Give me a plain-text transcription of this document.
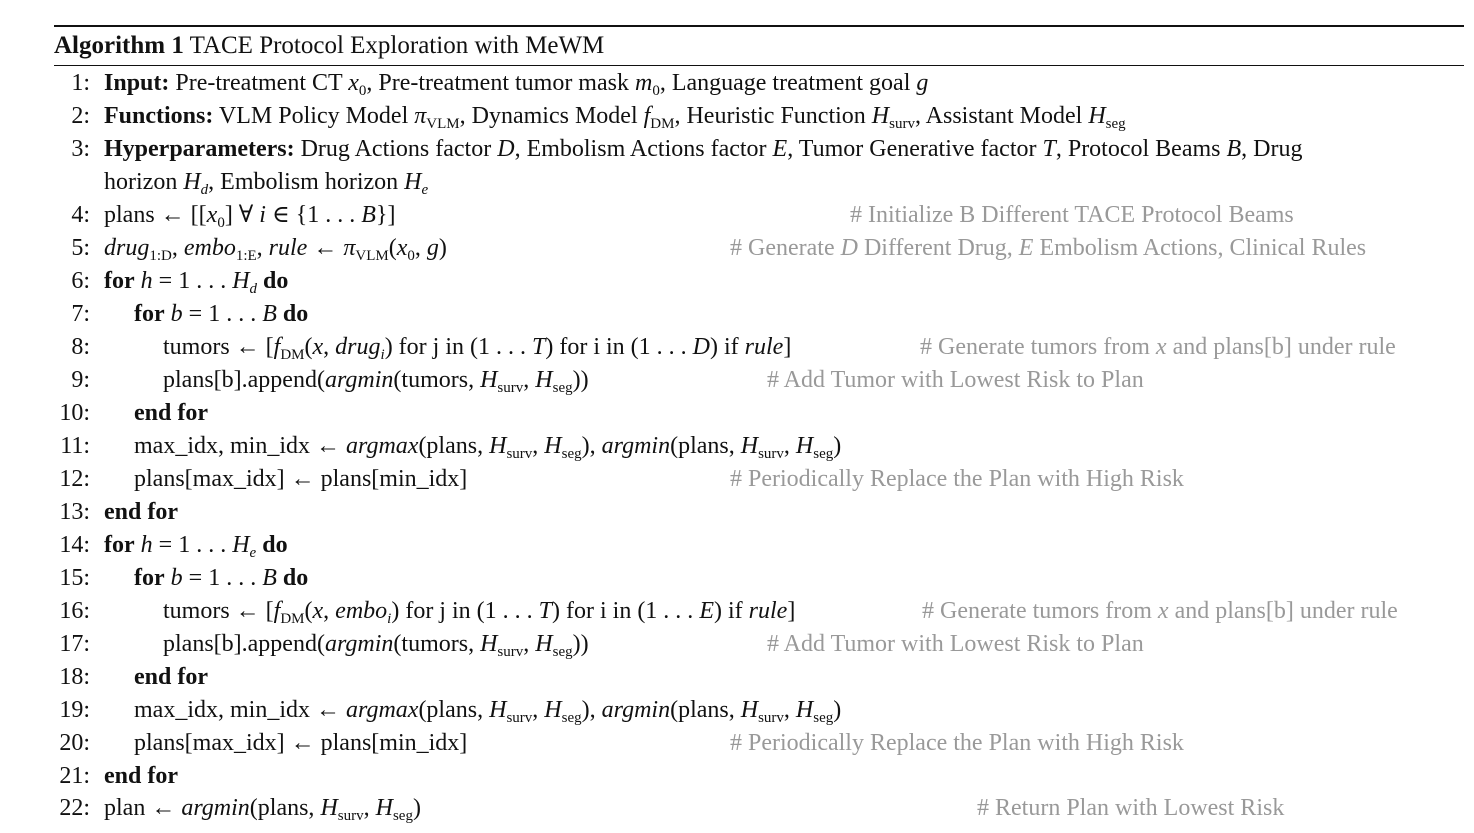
Algorithm 1 TACE Protocol Exploration with MeWM
1: Input: Pre-treatment CT $x_0$, Pre-treatment tumor mask $m_0$, Language treatment goal g
2: Functions: VLM Policy Model $\pi_{VLM}$, Dynamics Model $f_{DM}$, Heuristic Function $H_{surv}$, Assistant Model $H_{seg}$
3: Hyperparameters: Drug Actions factor D, Embolism Actions factor E, Tumor Generative factor T, Protocol Beams B, Drug
horizon $H_d$, Embolism horizon $H_e$
4: plans ← [$[x_0]$ ∀ i ∈ {1 . . . B}]	# Initialize B Different TACE Protocol Beams
5: drug$_{1:D}$, embo$_{1:E}$, rule ← $\pi_{VLM}(x_0$, g)	# Generate D Different Drug, E Embolism Actions, Clinical Rules
6: for h = 1 . . . $H_d$ do
7: for b = 1 . . . B do
8:	tumors ← [$f_{DM}(x$, drug$_i$) for j in (1 . . . T) for i in (1 . . . D) if rule]	# Generate tumors from x and plans[b] under rule
9:	plans[b].append(argmin(tumors, $H_{surv}$, $H_{seg}$))	# Add Tumor with Lowest Risk to Plan
10: end for
11: max_idx, min_idx ← argmax(plans, $H_{surv}$, $H_{seg}$), argmin(plans, $H_{surv}$, $H_{seg}$)
12: plans[max_idx] ← plans[min_idx]	# Periodically Replace the Plan with High Risk
13: end for
14: for h = 1 . . . $H_e$ do
15: for b = 1 . . . B do
16:	tumors ← [$f_{DM}(x$, embo$_i$) for j in (1 . . . T) for i in (1 . . . E) if rule]	# Generate tumors from x and plans[b] under rule
17:	plans[b].append(argmin(tumors, $H_{surv}$, $H_{seg}$))	# Add Tumor with Lowest Risk to Plan
18: end for
19: max_idx, min_idx ← argmax(plans, $H_{surv}$, $H_{seg}$), argmin(plans, $H_{surv}$, $H_{seg}$)
20: plans[max_idx] ← plans[min_idx]	# Periodically Replace the Plan with High Risk
21: end for
22: plan ← argmin(plans, $H_{surv}$, $H_{seg}$)	# Return Plan with Lowest Risk
